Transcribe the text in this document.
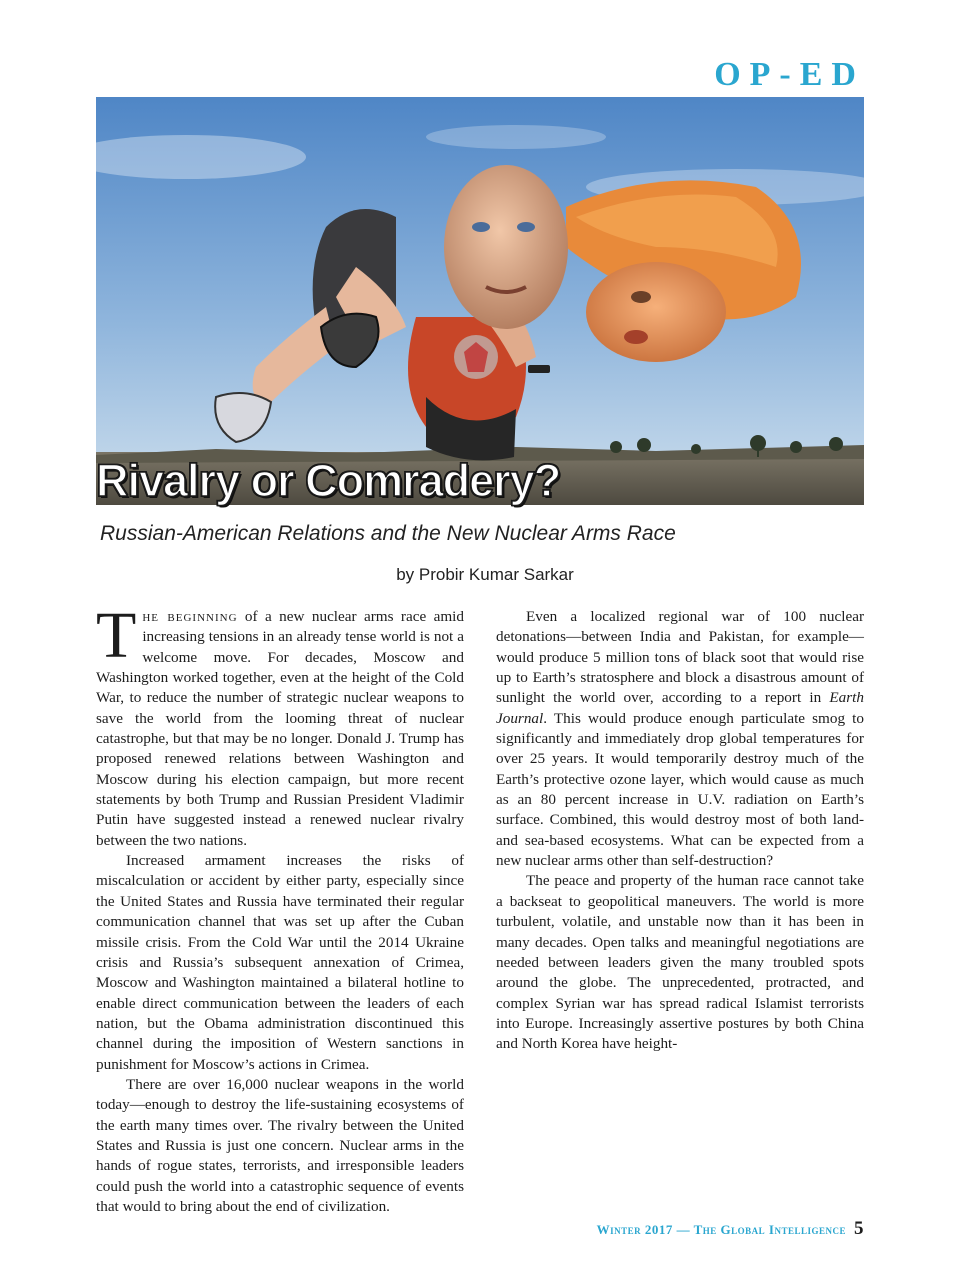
OP-ED
Rivalry or Comradery?
Russian-American Relations and the New Nuclear Arms Race
by Probir Kumar Sarkar

The beginning of a new nuclear arms race amid increasing tensions in an already tense world is not a welcome move. For decades, Moscow and Washington worked together, even at the height of the Cold War, to reduce the number of strategic nuclear weapons to save the world from the looming threat of nuclear catastrophe, but that may be no longer. Donald J. Trump has proposed renewed relations between Washington and Moscow during his election campaign, but more recent statements by both Trump and Russian President Vladimir Putin have suggested instead a renewed nuclear rivalry between the two nations.

Increased armament increases the risks of miscalculation or accident by either party, especially since the United States and Russia have terminated their regular communication channel that was set up after the Cuban missile crisis. From the Cold War until the 2014 Ukraine crisis and Russia’s subsequent annexation of Crimea, Moscow and Washington maintained a bilateral hotline to enable direct communication between the leaders of each nation, but the Obama administration discontinued this channel during the imposition of Western sanctions in punishment for Moscow’s actions in Crimea.

There are over 16,000 nuclear weapons in the world today—enough to destroy the life-sustaining ecosystems of the earth many times over. The rivalry between the United States and Russia is just one concern. Nuclear arms in the hands of rogue states, terrorists, and irresponsible leaders could push the world into a catastrophic sequence of events that would to bring about the end of civilization.

Even a localized regional war of 100 nuclear detonations—between India and Pakistan, for example—would produce 5 million tons of black soot that would rise up to Earth’s stratosphere and block a disastrous amount of sunlight the world over, according to a report in Earth Journal. This would produce enough particulate smog to significantly and immediately drop global temperatures for over 25 years. It would temporarily destroy much of the Earth’s protective ozone layer, which would cause as much as an 80 percent increase in U.V. radiation on Earth’s surface. Combined, this would destroy most of both land- and sea-based ecosystems. What can be expected from a new nuclear arms other than self-destruction?

The peace and property of the human race cannot take a backseat to geopolitical maneuvers. The world is more turbulent, volatile, and unstable now than it has been in many decades. Open talks and meaningful negotiations are needed between leaders given the many troubled spots around the globe. The unprecedented, protracted, and complex Syrian war has spread radical Islamist terrorists into Europe. Increasingly assertive postures by both China and North Korea have height-

Winter 2017 — The Global Intelligence 5
